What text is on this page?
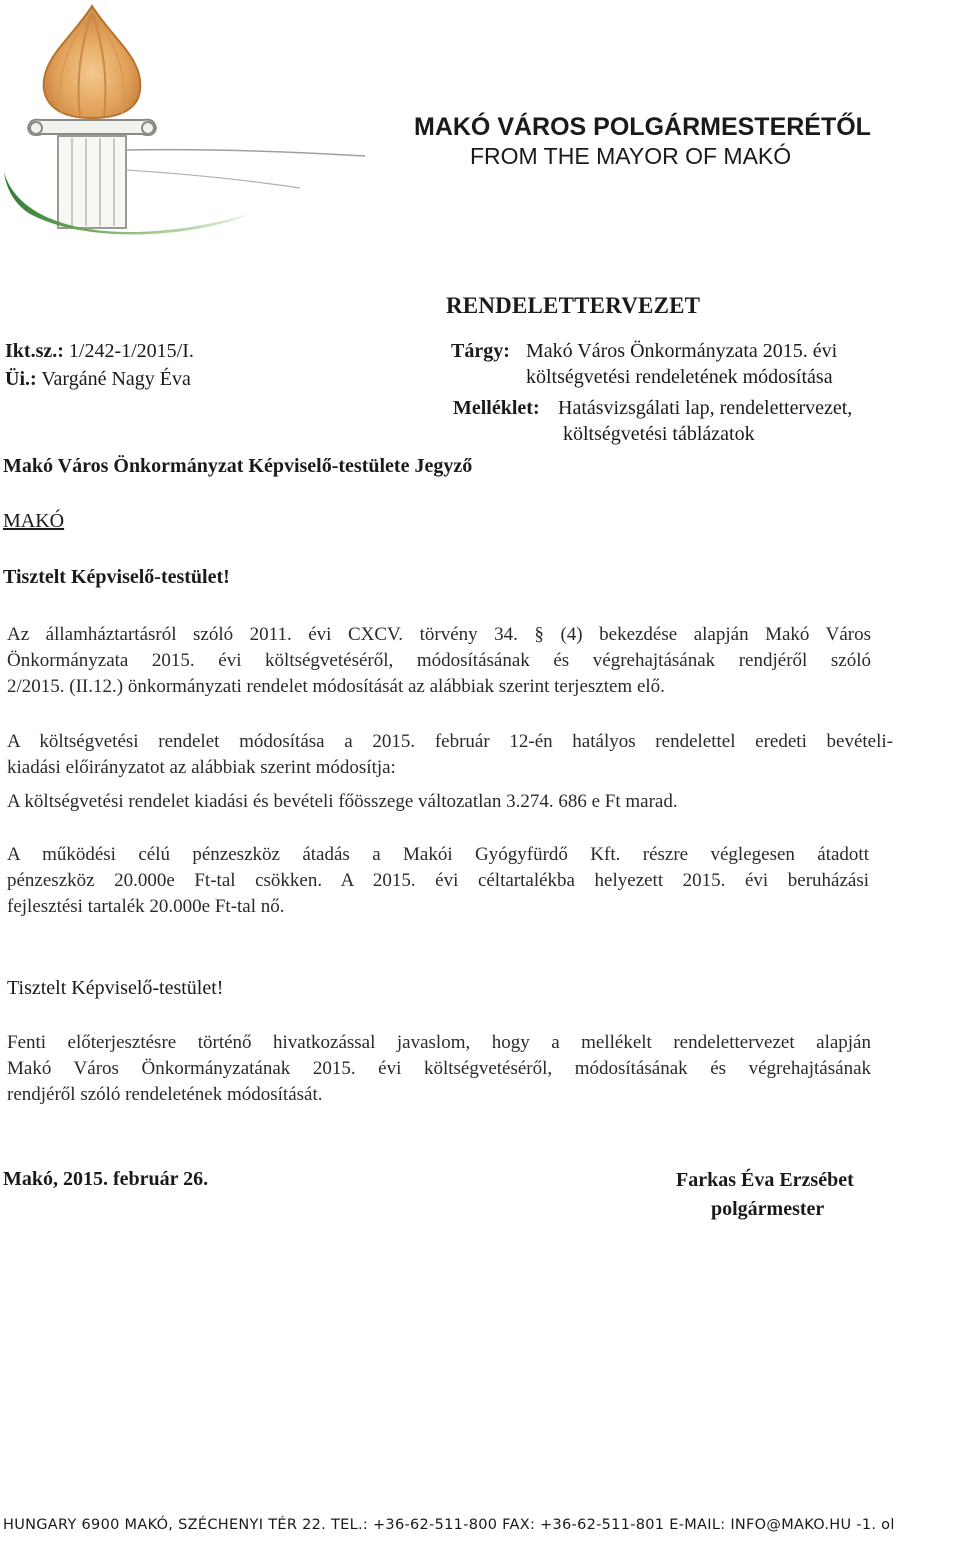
MAKÓ VÁROS POLGÁRMESTERÉTŐL
FROM THE MAYOR OF MAKÓ
RENDELETTERVEZET
Ikt.sz.: 1/242-1/2015/I.
Üi.: Vargáné Nagy Éva
Tárgy: Makó Város Önkormányzata 2015. évi
költségvetési rendeletének módosítása
Melléklet: Hatásvizsgálati lap, rendelettervezet,
költségvetési táblázatok
Makó Város Önkormányzat Képviselő-testülete Jegyző
MAKÓ
Tisztelt Képviselő-testület!
Az államháztartásról szóló 2011. évi CXCV. törvény 34. § (4) bekezdése alapján Makó Város
Önkormányzata 2015. évi költségvetéséről, módosításának és végrehajtásának rendjéről szóló
2/2015. (II.12.) önkormányzati rendelet módosítását az alábbiak szerint terjesztem elő.
A költségvetési rendelet módosítása a 2015. február 12-én hatályos rendelettel eredeti bevételi-
kiadási előirányzatot az alábbiak szerint módosítja:
A költségvetési rendelet kiadási és bevételi főösszege változatlan 3.274. 686 e Ft marad.
A működési célú pénzeszköz átadás a Makói Gyógyfürdő Kft. részre véglegesen átadott
pénzeszköz 20.000e Ft-tal csökken. A 2015. évi céltartalékba helyezett 2015. évi beruházási
fejlesztési tartalék 20.000e Ft-tal nő.
Tisztelt Képviselő-testület!
Fenti előterjesztésre történő hivatkozással javaslom, hogy a mellékelt rendelettervezet alapján
Makó Város Önkormányzatának 2015. évi költségvetéséről, módosításának és végrehajtásának
rendjéről szóló rendeletének módosítását.
Makó, 2015. február 26.	Farkas Éva Erzsébet
polgármester
HUNGARY 6900 MAKÓ, SZÉCHENYI TÉR 22. TEL.: +36-62-511-800 FAX: +36-62-511-801 E-MAIL: INFO@MAKO.HU -1. ol
